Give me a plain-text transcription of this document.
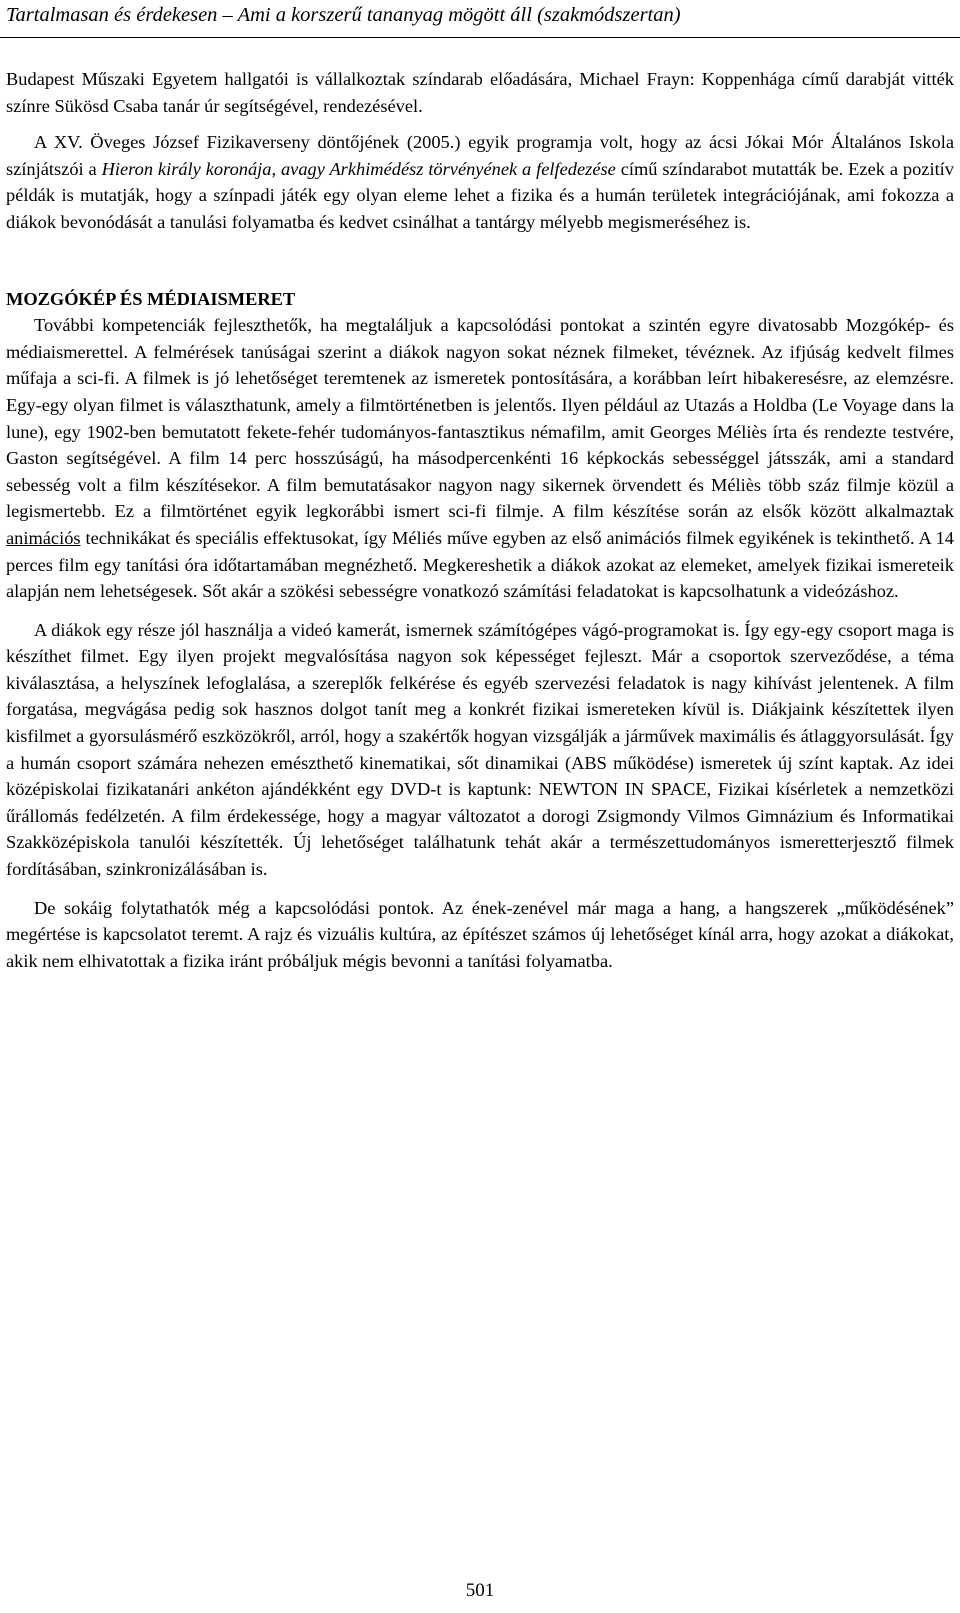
Tartalmasan és érdekesen – Ami a korszerű tananyag mögött áll (szakmódszertan)

Budapest Műszaki Egyetem hallgatói is vállalkoztak színdarab előadására, Michael Frayn: Koppenhága című darabját vitték színre Sükösd Csaba tanár úr segítségével, rendezésével.

A XV. Öveges József Fizikaverseny döntőjének (2005.) egyik programja volt, hogy az ácsi Jókai Mór Általános Iskola színjátszói a Hieron király koronája, avagy Arkhimédész törvényének a felfedezése című színdarabot mutatták be. Ezek a pozitív példák is mutatják, hogy a színpadi játék egy olyan eleme lehet a fizika és a humán területek integrációjának, ami fokozza a diákok bevonódását a tanulási folyamatba és kedvet csinálhat a tantárgy mélyebb megismeréséhez is.

MOZGÓKÉP ÉS MÉDIAISMERET

További kompetenciák fejleszthetők, ha megtaláljuk a kapcsolódási pontokat a szintén egyre divatosabb Mozgókép- és médiaismerettel. A felmérések tanúságai szerint a diákok nagyon sokat néznek filmeket, tévéznek. Az ifjúság kedvelt filmes műfaja a sci-fi. A filmek is jó lehetőséget teremtenek az ismeretek pontosítására, a korábban leírt hibakeresésre, az elemzésre. Egy-egy olyan filmet is választhatunk, amely a filmtörténetben is jelentős. Ilyen például az Utazás a Holdba (Le Voyage dans la lune), egy 1902-ben bemutatott fekete-fehér tudományos-fantasztikus némafilm, amit Georges Méliès írta és rendezte testvére, Gaston segítségével. A film 14 perc hosszúságú, ha másodpercenkénti 16 képkockás sebességgel játsszák, ami a standard sebesség volt a film készítésekor. A film bemutatásakor nagyon nagy sikernek örvendett és Méliès több száz filmje közül a legismertebb. Ez a filmtörténet egyik legkorábbi ismert sci-fi filmje. A film készítése során az elsők között alkalmaztak animációs technikákat és speciális effektusokat, így Méliés műve egyben az első animációs filmek egyikének is tekinthető. A 14 perces film egy tanítási óra időtartamában megnézhető. Megkereshetik a diákok azokat az elemeket, amelyek fizikai ismereteik alapján nem lehetségesek. Sőt akár a szökési sebességre vonatkozó számítási feladatokat is kapcsolhatunk a videózáshoz.

A diákok egy része jól használja a videó kamerát, ismernek számítógépes vágó-programokat is. Így egy-egy csoport maga is készíthet filmet. Egy ilyen projekt megvalósítása nagyon sok képességet fejleszt. Már a csoportok szerveződése, a téma kiválasztása, a helyszínek lefoglalása, a szereplők felkérése és egyéb szervezési feladatok is nagy kihívást jelentenek. A film forgatása, megvágása pedig sok hasznos dolgot tanít meg a konkrét fizikai ismereteken kívül is. Diákjaink készítettek ilyen kisfilmet a gyorsulásmérő eszközökről, arról, hogy a szakértők hogyan vizsgálják a járművek maximális és átlaggyorsulását. Így a humán csoport számára nehezen emészthető kinematikai, sőt dinamikai (ABS működése) ismeretek új színt kaptak. Az idei középiskolai fizikatanári ankéton ajándékként egy DVD-t is kaptunk: NEWTON IN SPACE, Fizikai kísérletek a nemzetközi űrállomás fedélzetén. A film érdekessége, hogy a magyar változatot a dorogi Zsigmondy Vilmos Gimnázium és Informatikai Szakközépiskola tanulói készítették. Új lehetőséget találhatunk tehát akár a természettudományos ismeretterjesztő filmek fordításában, szinkronizálásában is.

De sokáig folytathatók még a kapcsolódási pontok. Az ének-zenével már maga a hang, a hangszerek „működésének” megértése is kapcsolatot teremt. A rajz és vizuális kultúra, az építészet számos új lehetőséget kínál arra, hogy azokat a diákokat, akik nem elhivatottak a fizika iránt próbáljuk mégis bevonni a tanítási folyamatba.

501
